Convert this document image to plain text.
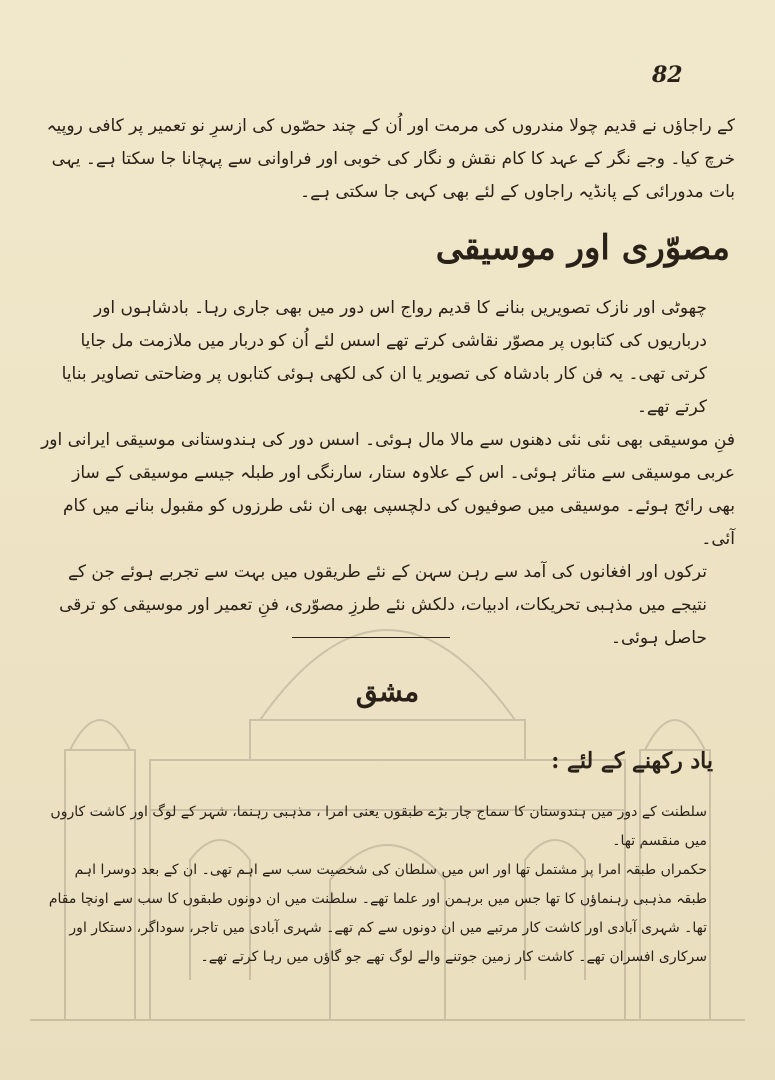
82
کے راجاؤں نے قدیم چولا مندروں کی مرمت اور اُن کے چند حصّوں کی ازسرِ نو تعمیر پر کافی روپیہ خرچ کیا۔ وجے نگر کے عہد کا کام نقش و نگار کی خوبی اور فراوانی سے پہچانا جا سکتا ہے۔ یہی بات مدورائی کے پانڈیہ راجاوں کے لئے بھی کہی جا سکتی ہے۔
مصوّری اور موسیقی

چھوٹی اور نازک تصویریں بنانے کا قدیم رواج اس دور میں بھی جاری رہا۔ بادشاہوں اور درباریوں کی کتابوں پر مصوّر نقاشی کرتے تھے اسس لئے اُن کو دربار میں ملازمت مل جایا کرتی تھی۔ یہ فن کار بادشاہ کی تصویر یا ان کی لکھی ہوئی کتابوں پر وضاحتی تصاویر بنایا کرتے تھے۔

فنِ موسیقی بھی نئی نئی دھنوں سے مالا مال ہوئی۔ اسس دور کی ہندوستانی موسیقی ایرانی اور عربی موسیقی سے متاثر ہوئی۔ اس کے علاوہ ستار، سارنگی اور طبلہ جیسے موسیقی کے ساز بھی رائج ہوئے۔ موسیقی میں صوفیوں کی دلچسپی بھی ان نئی طرزوں کو مقبول بنانے میں کام آئی۔

ترکوں اور افغانوں کی آمد سے رہن سہن کے نئے طریقوں میں بہت سے تجربے ہوئے جن کے نتیجے میں مذہبی تحریکات، ادبیات، دلکش نئے طرزِ مصوّری، فنِ تعمیر اور موسیقی کو ترقی حاصل ہوئی۔

مشق
یاد رکھنے کے لئے :

سلطنت کے دور میں ہندوستان کا سماج چار بڑے طبقوں یعنی امرا ، مذہبی رہنما، شہر کے لوگ اور کاشت کاروں میں منقسم تھا۔

حکمراں طبقہ امرا پر مشتمل تھا اور اس میں سلطان کی شخصیت سب سے اہم تھی۔ ان کے بعد دوسرا اہم طبقہ مذہبی رہنماؤں کا تھا جس میں برہمن اور علما تھے۔ سلطنت میں ان دونوں طبقوں کا سب سے اونچا مقام تھا۔ شہری آبادی اور کاشت کار مرتبے میں ان دونوں سے کم تھے۔ شہری آبادی میں تاجر، سوداگر، دستکار اور سرکاری افسران تھے۔ کاشت کار زمین جوتنے والے لوگ تھے جو گاؤں میں رہا کرتے تھے۔
